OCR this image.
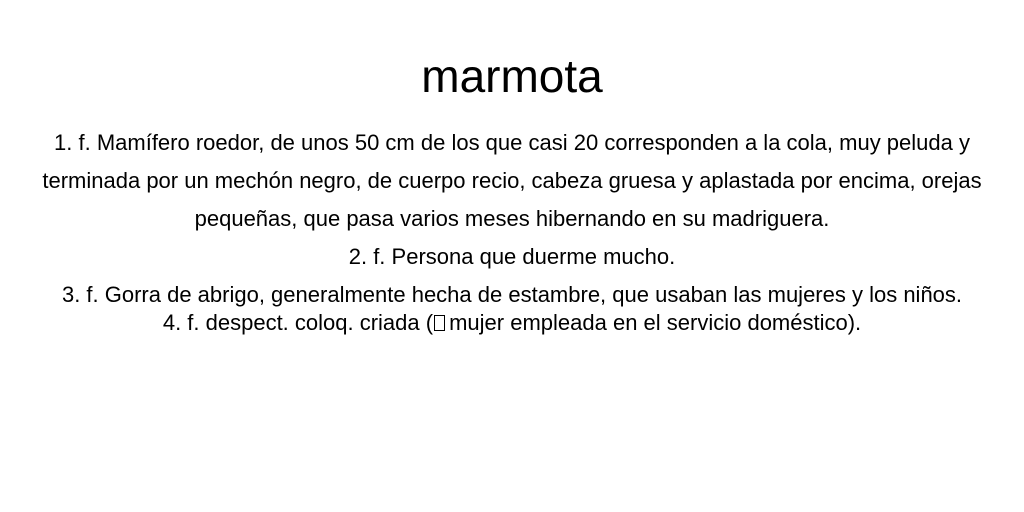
marmota
1. f. Mamífero roedor, de unos 50 cm de los que casi 20 corresponden a la cola, muy peluda y terminada por un mechón negro, de cuerpo recio, cabeza gruesa y aplastada por encima, orejas pequeñas, que pasa varios meses hibernando en su madriguera.
2. f. Persona que duerme mucho.
3. f. Gorra de abrigo, generalmente hecha de estambre, que usaban las mujeres y los niños.
4. f. despect. coloq. criada ( mujer empleada en el servicio doméstico).
